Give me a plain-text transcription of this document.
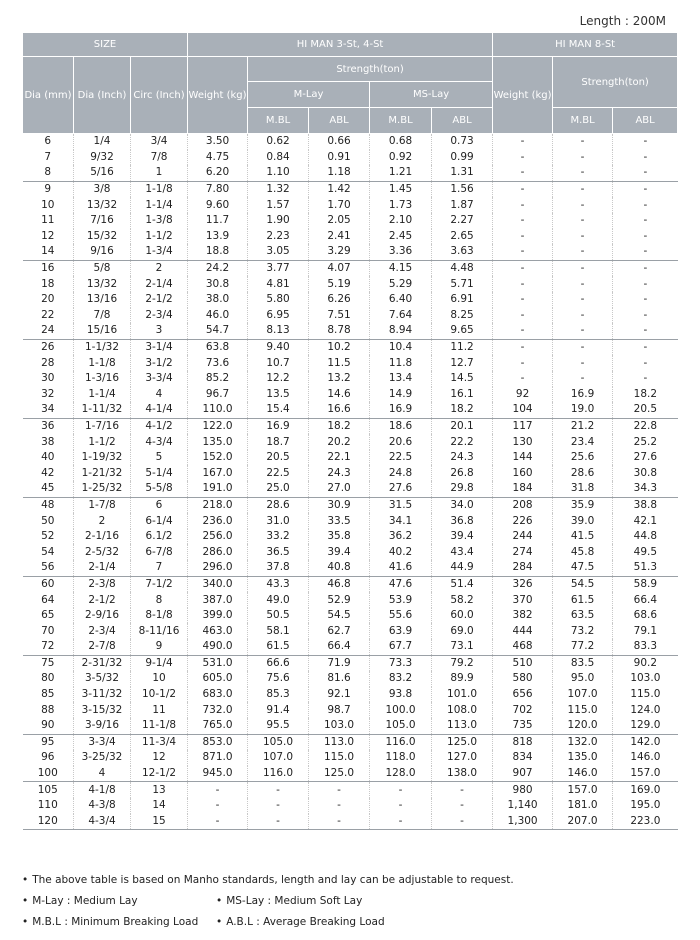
Length : 200M
SIZE			HI MAN 3-St, 4-St					HI MAN 8-St		
Dia (mm)	Dia (Inch)	Circ (Inch)	Weight (kg)	Strength(ton)				Weight (kg)	Strength(ton)	
				M-Lay		MS-Lay				
				M.BL	ABL	M.BL	ABL		M.BL	ABL
6	1/4	3/4	3.50	0.62	0.66	0.68	0.73	-	-	-
7	9/32	7/8	4.75	0.84	0.91	0.92	0.99	-	-	-
8	5/16	1	6.20	1.10	1.18	1.21	1.31	-	-	-
9	3/8	1-1/8	7.80	1.32	1.42	1.45	1.56	-	-	-
10	13/32	1-1/4	9.60	1.57	1.70	1.73	1.87	-	-	-
11	7/16	1-3/8	11.7	1.90	2.05	2.10	2.27	-	-	-
12	15/32	1-1/2	13.9	2.23	2.41	2.45	2.65	-	-	-
14	9/16	1-3/4	18.8	3.05	3.29	3.36	3.63	-	-	-
16	5/8	2	24.2	3.77	4.07	4.15	4.48	-	-	-
18	13/32	2-1/4	30.8	4.81	5.19	5.29	5.71	-	-	-
20	13/16	2-1/2	38.0	5.80	6.26	6.40	6.91	-	-	-
22	7/8	2-3/4	46.0	6.95	7.51	7.64	8.25	-	-	-
24	15/16	3	54.7	8.13	8.78	8.94	9.65	-	-	-
26	1-1/32	3-1/4	63.8	9.40	10.2	10.4	11.2	-	-	-
28	1-1/8	3-1/2	73.6	10.7	11.5	11.8	12.7	-	-	-
30	1-3/16	3-3/4	85.2	12.2	13.2	13.4	14.5	-	-	-
32	1-1/4	4	96.7	13.5	14.6	14.9	16.1	92	16.9	18.2
34	1-11/32	4-1/4	110.0	15.4	16.6	16.9	18.2	104	19.0	20.5
36	1-7/16	4-1/2	122.0	16.9	18.2	18.6	20.1	117	21.2	22.8
38	1-1/2	4-3/4	135.0	18.7	20.2	20.6	22.2	130	23.4	25.2
40	1-19/32	5	152.0	20.5	22.1	22.5	24.3	144	25.6	27.6
42	1-21/32	5-1/4	167.0	22.5	24.3	24.8	26.8	160	28.6	30.8
45	1-25/32	5-5/8	191.0	25.0	27.0	27.6	29.8	184	31.8	34.3
48	1-7/8	6	218.0	28.6	30.9	31.5	34.0	208	35.9	38.8
50	2	6-1/4	236.0	31.0	33.5	34.1	36.8	226	39.0	42.1
52	2-1/16	6.1/2	256.0	33.2	35.8	36.2	39.4	244	41.5	44.8
54	2-5/32	6-7/8	286.0	36.5	39.4	40.2	43.4	274	45.8	49.5
56	2-1/4	7	296.0	37.8	40.8	41.6	44.9	284	47.5	51.3
60	2-3/8	7-1/2	340.0	43.3	46.8	47.6	51.4	326	54.5	58.9
64	2-1/2	8	387.0	49.0	52.9	53.9	58.2	370	61.5	66.4
65	2-9/16	8-1/8	399.0	50.5	54.5	55.6	60.0	382	63.5	68.6
70	2-3/4	8-11/16	463.0	58.1	62.7	63.9	69.0	444	73.2	79.1
72	2-7/8	9	490.0	61.5	66.4	67.7	73.1	468	77.2	83.3
75	2-31/32	9-1/4	531.0	66.6	71.9	73.3	79.2	510	83.5	90.2
80	3-5/32	10	605.0	75.6	81.6	83.2	89.9	580	95.0	103.0
85	3-11/32	10-1/2	683.0	85.3	92.1	93.8	101.0	656	107.0	115.0
88	3-15/32	11	732.0	91.4	98.7	100.0	108.0	702	115.0	124.0
90	3-9/16	11-1/8	765.0	95.5	103.0	105.0	113.0	735	120.0	129.0
95	3-3/4	11-3/4	853.0	105.0	113.0	116.0	125.0	818	132.0	142.0
96	3-25/32	12	871.0	107.0	115.0	118.0	127.0	834	135.0	146.0
100	4	12-1/2	945.0	116.0	125.0	128.0	138.0	907	146.0	157.0
105	4-1/8	13	-	-	-	-	-	980	157.0	169.0
110	4-3/8	14	-	-	-	-	-	1,140	181.0	195.0
120	4-3/4	15	-	-	-	-	-	1,300	207.0	223.0
• The above table is based on Manho standards, length and lay can be adjustable to request.
• M-Lay : Medium Lay	• MS-Lay : Medium Soft Lay
• M.B.L : Minimum Breaking Load • A.B.L : Average Breaking Load
